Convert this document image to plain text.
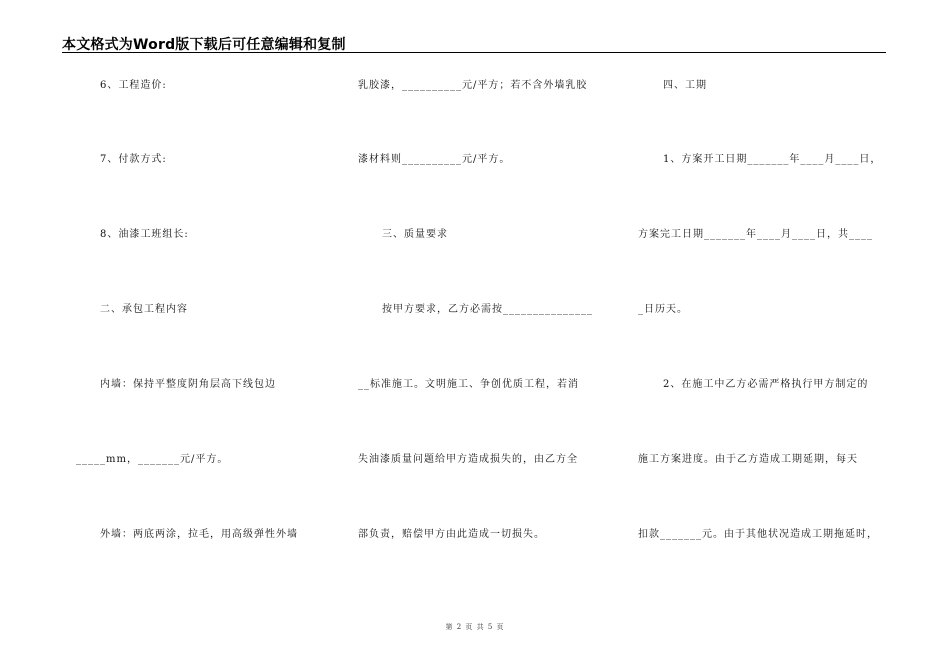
本文格式为Word版下载后可任意编辑和复制
6、工程造价:
7、付款方式:
8、油漆工班组长:
二、承包工程内容
内墙：保持平整度阴角层高下线包边
_____mm，_______元/平方。
外墙：两底两涂，拉毛，用高级弹性外墙
乳胶漆，__________元/平方；若不含外墙乳胶
漆材料则__________元/平方。
三、质量要求
按甲方要求，乙方必需按_______________
__标准施工。文明施工、争创优质工程，若消
失油漆质量问题给甲方造成损失的，由乙方全
部负责，赔偿甲方由此造成一切损失。
四、工期
1、方案开工日期_______年____月____日，
方案完工日期_______年____月____日，共____
_日历天。
2、在施工中乙方必需严格执行甲方制定的
施工方案进度。由于乙方造成工期延期，每天
扣款_______元。由于其他状况造成工期拖延时，
第 2 页 共 5 页
